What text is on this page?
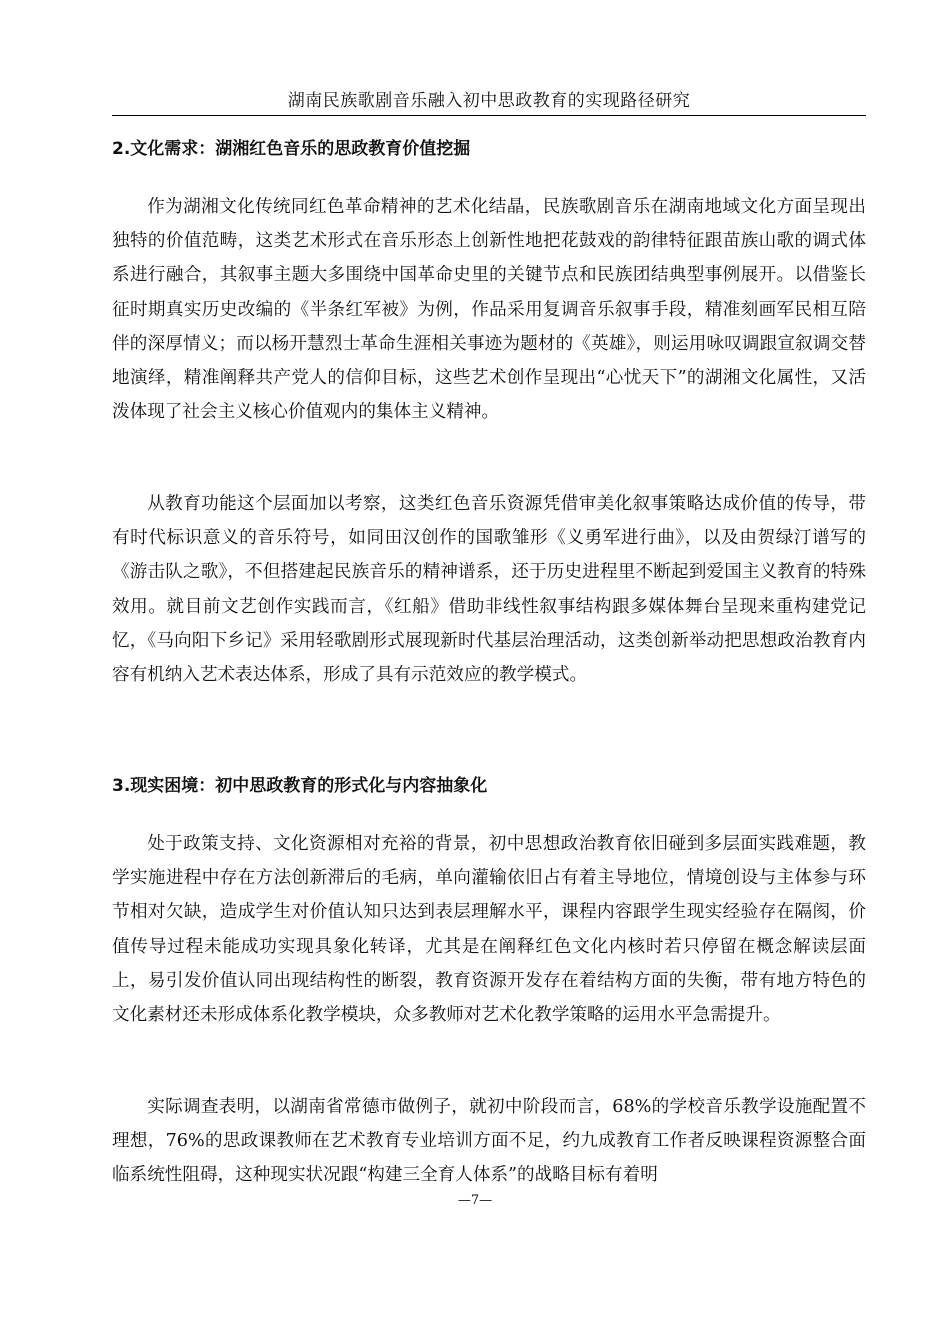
湖南民族歌剧音乐融入初中思政教育的实现路径研究
2.文化需求：湖湘红色音乐的思政教育价值挖掘

作为湖湘文化传统同红色革命精神的艺术化结晶，民族歌剧音乐在湖南地域文化方面呈现出独特的价值范畴，这类艺术形式在音乐形态上创新性地把花鼓戏的韵律特征跟苗族山歌的调式体系进行融合，其叙事主题大多围绕中国革命史里的关键节点和民族团结典型事例展开。以借鉴长征时期真实历史改编的《半条红军被》为例，作品采用复调音乐叙事手段，精准刻画军民相互陪伴的深厚情义；而以杨开慧烈士革命生涯相关事迹为题材的《英雄》，则运用咏叹调跟宣叙调交替地演绎，精准阐释共产党人的信仰目标，这些艺术创作呈现出“心忧天下”的湖湘文化属性，又活泼体现了社会主义核心价值观内的集体主义精神。

从教育功能这个层面加以考察，这类红色音乐资源凭借审美化叙事策略达成价值的传导，带有时代标识意义的音乐符号，如同田汉创作的国歌雏形《义勇军进行曲》，以及由贺绿汀谱写的《游击队之歌》，不但搭建起民族音乐的精神谱系，还于历史进程里不断起到爱国主义教育的特殊效用。就目前文艺创作实践而言，《红船》借助非线性叙事结构跟多媒体舞台呈现来重构建党记忆，《马向阳下乡记》采用轻歌剧形式展现新时代基层治理活动，这类创新举动把思想政治教育内容有机纳入艺术表达体系，形成了具有示范效应的教学模式。

3.现实困境：初中思政教育的形式化与内容抽象化

处于政策支持、文化资源相对充裕的背景，初中思想政治教育依旧碰到多层面实践难题，教学实施进程中存在方法创新滞后的毛病，单向灌输依旧占有着主导地位，情境创设与主体参与环节相对欠缺，造成学生对价值认知只达到表层理解水平，课程内容跟学生现实经验存在隔阂，价值传导过程未能成功实现具象化转译，尤其是在阐释红色文化内核时若只停留在概念解读层面上，易引发价值认同出现结构性的断裂，教育资源开发存在着结构方面的失衡，带有地方特色的文化素材还未形成体系化教学模块，众多教师对艺术化教学策略的运用水平急需提升。

实际调查表明，以湖南省常德市做例子，就初中阶段而言，68%的学校音乐教学设施配置不理想，76%的思政课教师在艺术教育专业培训方面不足，约九成教育工作者反映课程资源整合面临系统性阻碍，这种现实状况跟“构建三全育人体系”的战略目标有着明

—7—
